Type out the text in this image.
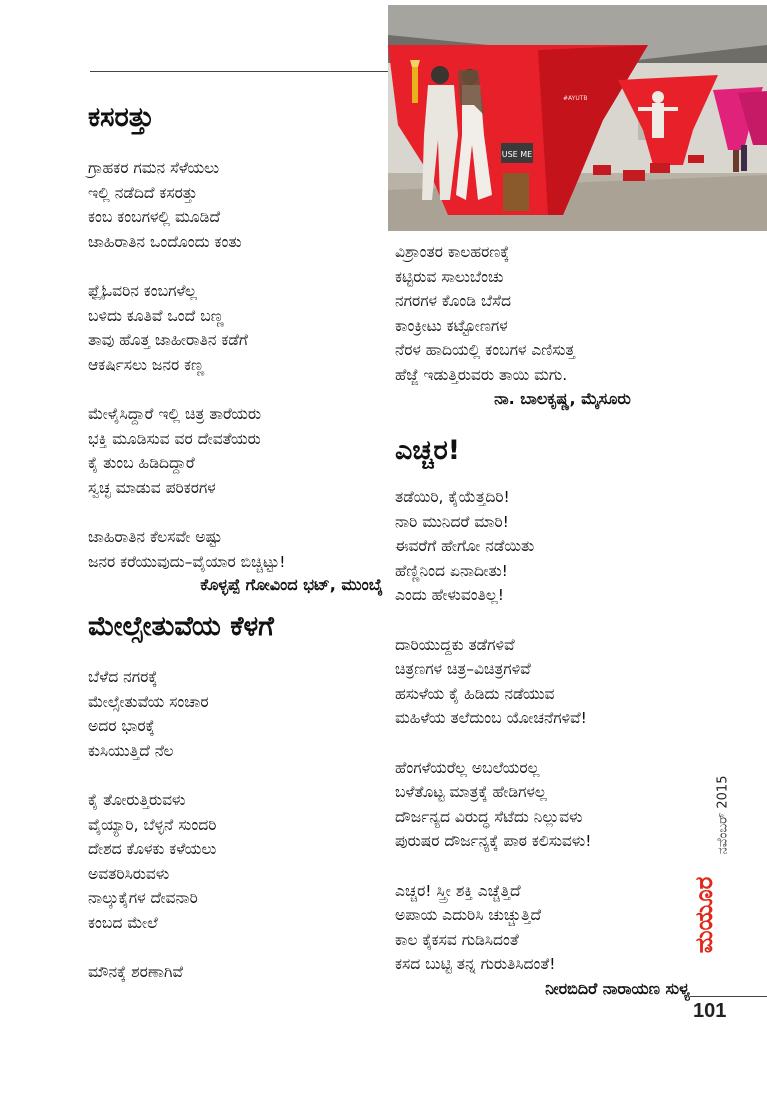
USE ME
#AYUTB
ಕಸರತ್ತು
ಗ್ರಾಹಕರ ಗಮನ ಸೆಳೆಯಲು
ಇಲ್ಲಿ ನಡೆದಿದೆ ಕಸರತ್ತು
ಕಂಬ ಕಂಬಗಳಲ್ಲಿ ಮೂಡಿದೆ
ಜಾಹಿರಾತಿನ ಒಂದೊಂದು ಕಂತು
ಫ್ಲೈಓವರಿನ ಕಂಬಗಳೆಲ್ಲ
ಬಳಿದು ಕೂತಿವೆ ಒಂದೆ ಬಣ್ಣ
ತಾವು ಹೊತ್ತ ಜಾಹೀರಾತಿನ ಕಡೆಗೆ
ಆಕರ್ಷಿಸಲು ಜನರ ಕಣ್ಣ
ಮೇಳೈಸಿದ್ದಾರೆ ಇಲ್ಲಿ ಚಿತ್ರ ತಾರೆಯರು
ಭಕ್ತಿ ಮೂಡಿಸುವ ವರ ದೇವತೆಯರು
ಕೈ ತುಂಬ ಹಿಡಿದಿದ್ದಾರೆ
ಸ್ವಚ್ಛ ಮಾಡುವ ಪರಿಕರಗಳ
ಜಾಹಿರಾತಿನ ಕೆಲಸವೇ ಅಷ್ಟು
ಜನರ ಕರೆಯುವುದು–ವೈಯಾರ ಬಿಚ್ಚಿಟ್ಟು!
ಕೊಳ್ಳಪ್ಪೆ ಗೋವಿಂದ ಭಟ್, ಮುಂಬೈ
ಮೇಲ್ಸೇತುವೆಯ ಕೆಳಗೆ
ಬೆಳೆದ ನಗರಕ್ಕೆ
ಮೇಲ್ಸೇತುವೆಯ ಸಂಚಾರ
ಅದರ ಭಾರಕ್ಕೆ
ಕುಸಿಯುತ್ತಿದೆ ನೆಲ
ಕೈ ತೋರುತ್ತಿರುವಳು
ವೈಯ್ಯಾರಿ, ಬೆಳ್ಳನೆ ಸುಂದರಿ
ದೇಶದ ಕೊಳಕು ಕಳೆಯಲು
ಅವತರಿಸಿರುವಳು
ನಾಲ್ಕುಕೈಗಳ ದೇವನಾರಿ
ಕಂಬದ ಮೇಲೆ
ಮೌನಕ್ಕೆ ಶರಣಾಗಿವೆ
ವಿಶ್ರಾಂತರ ಕಾಲಹರಣಕ್ಕೆ
ಕಟ್ಟಿರುವ ಸಾಲುಬೆಂಚು
ನಗರಗಳ ಕೊಂಡಿ ಬೆಸೆದ
ಕಾಂಕ್ರೀಟು ಕಟ್ಟೋಣಗಳ
ನೆರಳ ಹಾದಿಯಲ್ಲಿ ಕಂಬಗಳ ಎಣಿಸುತ್ತ
ಹೆಜ್ಜೆ ಇಡುತ್ತಿರುವರು ತಾಯಿ ಮಗು.
ನಾ. ಬಾಲಕೃಷ್ಣ, ಮೈಸೂರು
ಎಚ್ಚರ!
ತಡೆಯಿರಿ, ಕೈಯೆತ್ತದಿರಿ!
ನಾರಿ ಮುನಿದರೆ ಮಾರಿ!
ಈವರೆಗೆ ಹೇಗೋ ನಡೆಯಿತು
ಹೆಣ್ಣಿನಿಂದ ಏನಾದೀತು!
ಎಂದು ಹೇಳುವಂತಿಲ್ಲ!
ದಾರಿಯುದ್ದಕು ತಡೆಗಳಿವೆ
ಚಿತ್ರಣಗಳ ಚಿತ್ರ–ವಿಚಿತ್ರಗಳಿವೆ
ಹಸುಳೆಯ ಕೈ ಹಿಡಿದು ನಡೆಯುವ
ಮಹಿಳೆಯ ತಲೆದುಂಬ ಯೋಚನೆಗಳಿವೆ!
ಹೆಂಗಳೆಯರೆಲ್ಲ ಅಬಲೆಯರಲ್ಲ
ಬಳೆತೊಟ್ಟ ಮಾತ್ರಕ್ಕೆ ಹೇಡಿಗಳಲ್ಲ
ದೌರ್ಜನ್ಯದ ವಿರುದ್ಧ ಸೆಟೆದು ನಿಲ್ಲುವಳು
ಪುರುಷರ ದೌರ್ಜನ್ಯಕ್ಕೆ ಪಾಠ ಕಲಿಸುವಳು!
ಎಚ್ಚರ! ಸ್ತ್ರೀ ಶಕ್ತಿ ಎಚ್ಚೆತ್ತಿದೆ
ಅಪಾಯ ಎದುರಿಸಿ ಚುಚ್ಚುತ್ತಿದೆ
ಕಾಲ ಕೈಕಸವ ಗುಡಿಸಿದಂತೆ
ಕಸದ ಬುಟ್ಟಿ ತನ್ನ ಗುರುತಿಸಿದಂತೆ!
ನೀರಬಿದಿರೆ ನಾರಾಯಣ ಸುಳ್ಯ
ನವೆಂಬರ್ 2015
ಮಯೂರ
101
